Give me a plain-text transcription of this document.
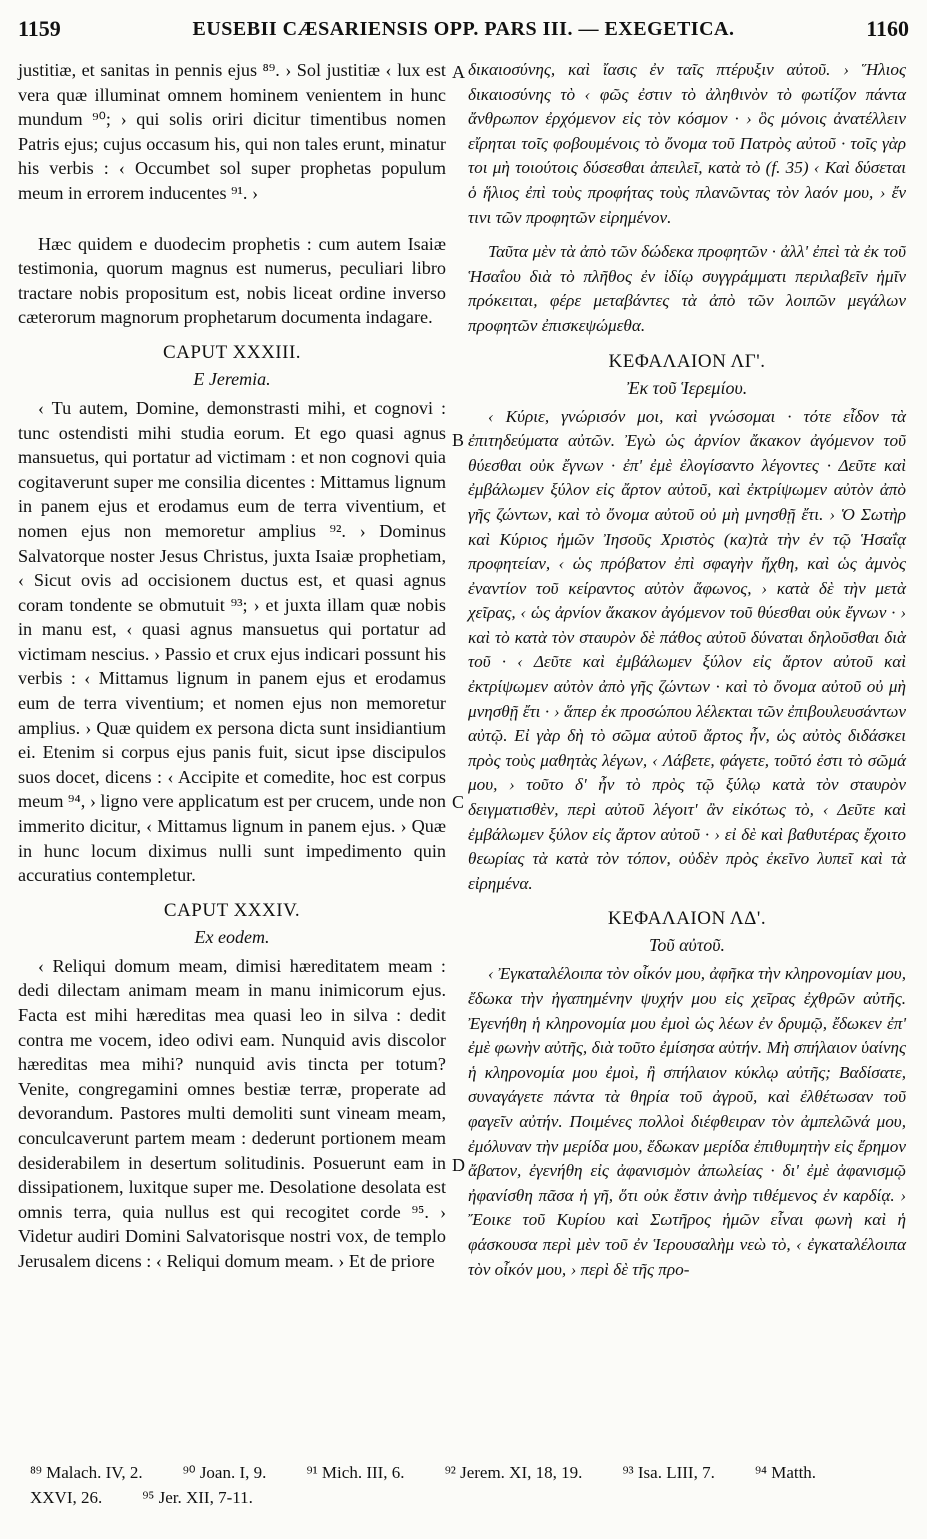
1159	EUSEBII CÆSARIENSIS OPP. PARS III. — EXEGETICA.	1160
A
B
C
D

justitiæ, et sanitas in pennis ejus ⁸⁹. › Sol justitiæ ‹ lux est vera quæ illuminat omnem hominem venientem in hunc mundum ⁹⁰; › qui solis oriri dicitur timentibus nomen Patris ejus; cujus occasum his, qui non tales erunt, minatur his verbis : ‹ Occumbet sol super prophetas populum meum in errorem inducentes ⁹¹. ›

Hæc quidem e duodecim prophetis : cum autem Isaiæ testimonia, quorum magnus est numerus, peculiari libro tractare nobis propositum est, nobis liceat ordine inverso cæterorum magnorum prophetarum documenta indagare.

CAPUT XXXIII.
E Jeremia.

‹ Tu autem, Domine, demonstrasti mihi, et cognovi : tunc ostendisti mihi studia eorum. Et ego quasi agnus mansuetus, qui portatur ad victimam : et non cognovi quia cogitaverunt super me consilia dicentes : Mittamus lignum in panem ejus et erodamus eum de terra viventium, et nomen ejus non memoretur amplius ⁹². › Dominus Salvatorque noster Jesus Christus, juxta Isaiæ prophetiam, ‹ Sicut ovis ad occisionem ductus est, et quasi agnus coram tondente se obmutuit ⁹³; › et juxta illam quæ nobis in manu est, ‹ quasi agnus mansuetus qui portatur ad victimam nescius. › Passio et crux ejus indicari possunt his verbis : ‹ Mittamus lignum in panem ejus et erodamus eum de terra viventium; et nomen ejus non memoretur amplius. › Quæ quidem ex persona dicta sunt insidiantium ei. Etenim si corpus ejus panis fuit, sicut ipse discipulos suos docet, dicens : ‹ Accipite et comedite, hoc est corpus meum ⁹⁴, › ligno vere applicatum est per crucem, unde non immerito dicitur, ‹ Mittamus lignum in panem ejus. › Quæ in hunc locum diximus nulli sunt impedimento quin accuratius contempletur.

CAPUT XXXIV.
Ex eodem.

‹ Reliqui domum meam, dimisi hæreditatem meam : dedi dilectam animam meam in manu inimicorum ejus. Facta est mihi hæreditas mea quasi leo in silva : dedit contra me vocem, ideo odivi eam. Nunquid avis discolor hæreditas mea mihi? nunquid avis tincta per totum? Venite, congregamini omnes bestiæ terræ, properate ad devorandum. Pastores multi demoliti sunt vineam meam, conculcaverunt partem meam : dederunt portionem meam desiderabilem in desertum solitudinis. Posuerunt eam in dissipationem, luxitque super me. Desolatione desolata est omnis terra, quia nullus est qui recogitet corde ⁹⁵. › Videtur audiri Domini Salvatorisque nostri vox, de templo Jerusalem dicens : ‹ Reliqui domum meam. › Et de priore

δικαιοσύνης, καὶ ἴασις ἐν ταῖς πτέρυξιν αὐτοῦ. › Ἥλιος δικαιοσύνης τὸ ‹ φῶς ἐστιν τὸ ἀληθινὸν τὸ φωτίζον πάντα ἄνθρωπον ἐρχόμενον εἰς τὸν κόσμον · › ὃς μόνοις ἀνατέλλειν εἴρηται τοῖς φοβουμένοις τὸ ὄνομα τοῦ Πατρὸς αὐτοῦ · τοῖς γὰρ τοι μὴ τοιούτοις δύσεσθαι ἀπειλεῖ, κατὰ τὸ (f. 35) ‹ Καὶ δύσεται ὁ ἥλιος ἐπὶ τοὺς προφήτας τοὺς πλανῶντας τὸν λαόν μου, › ἔν τινι τῶν προφητῶν εἰρημένον.

Ταῦτα μὲν τὰ ἀπὸ τῶν δώδεκα προφητῶν · ἀλλ' ἐπεὶ τὰ ἐκ τοῦ Ἡσαΐου διὰ τὸ πλῆθος ἐν ἰδίῳ συγγράμματι περιλαβεῖν ἡμῖν πρόκειται, φέρε μεταβάντες τὰ ἀπὸ τῶν λοιπῶν μεγάλων προφητῶν ἐπισκεψώμεθα.

ΚΕΦΑΛΑΙΟΝ ΛΓ'.
Ἐκ τοῦ Ἱερεμίου.

‹ Κύριε, γνώρισόν μοι, καὶ γνώσομαι · τότε εἶδον τὰ ἐπιτηδεύματα αὐτῶν. Ἐγὼ ὡς ἀρνίον ἄκακον ἀγόμενον τοῦ θύεσθαι οὐκ ἔγνων · ἐπ' ἐμὲ ἐλογίσαντο λέγοντες · Δεῦτε καὶ ἐμβάλωμεν ξύλον εἰς ἄρτον αὐτοῦ, καὶ ἐκτρίψωμεν αὐτὸν ἀπὸ γῆς ζώντων, καὶ τὸ ὄνομα αὐτοῦ οὐ μὴ μνησθῇ ἔτι. › Ὁ Σωτὴρ καὶ Κύριος ἡμῶν Ἰησοῦς Χριστὸς (κα)τὰ τὴν ἐν τῷ Ἡσαΐᾳ προφητείαν, ‹ ὡς πρόβατον ἐπὶ σφαγὴν ἤχθη, καὶ ὡς ἀμνὸς ἐναντίον τοῦ κείραντος αὐτὸν ἄφωνος, › κατὰ δὲ τὴν μετὰ χεῖρας, ‹ ὡς ἀρνίον ἄκακον ἀγόμενον τοῦ θύεσθαι οὐκ ἔγνων · › καὶ τὸ κατὰ τὸν σταυρὸν δὲ πάθος αὐτοῦ δύναται δηλοῦσθαι διὰ τοῦ · ‹ Δεῦτε καὶ ἐμβάλωμεν ξύλον εἰς ἄρτον αὐτοῦ καὶ ἐκτρίψωμεν αὐτὸν ἀπὸ γῆς ζώντων · καὶ τὸ ὄνομα αὐτοῦ οὐ μὴ μνησθῇ ἔτι · › ἅπερ ἐκ προσώπου λέλεκται τῶν ἐπιβουλευσάντων αὐτῷ. Εἰ γὰρ δὴ τὸ σῶμα αὐτοῦ ἄρτος ἦν, ὡς αὐτὸς διδάσκει πρὸς τοὺς μαθητὰς λέγων, ‹ Λάβετε, φάγετε, τοῦτό ἐστι τὸ σῶμά μου, › τοῦτο δ' ἦν τὸ πρὸς τῷ ξύλῳ κατὰ τὸν σταυρὸν δειγματισθὲν, περὶ αὐτοῦ λέγοιτ' ἂν εἰκότως τὸ, ‹ Δεῦτε καὶ ἐμβάλωμεν ξύλον εἰς ἄρτον αὐτοῦ · › εἰ δὲ καὶ βαθυτέρας ἔχοιτο θεωρίας τὰ κατὰ τὸν τόπον, οὐδὲν πρὸς ἐκεῖνο λυπεῖ καὶ τὰ εἰρημένα.

ΚΕΦΑΛΑΙΟΝ ΛΔ'.
Τοῦ αὐτοῦ.

‹ Ἐγκαταλέλοιπα τὸν οἶκόν μου, ἀφῆκα τὴν κληρονομίαν μου, ἔδωκα τὴν ἠγαπημένην ψυχήν μου εἰς χεῖρας ἐχθρῶν αὐτῆς. Ἐγενήθη ἡ κληρονομία μου ἐμοὶ ὡς λέων ἐν δρυμῷ, ἔδωκεν ἐπ' ἐμὲ φωνὴν αὐτῆς, διὰ τοῦτο ἐμίσησα αὐτήν. Μὴ σπήλαιον ὑαίνης ἡ κληρονομία μου ἐμοὶ, ἢ σπήλαιον κύκλῳ αὐτῆς; Βαδίσατε, συναγάγετε πάντα τὰ θηρία τοῦ ἀγροῦ, καὶ ἐλθέτωσαν τοῦ φαγεῖν αὐτήν. Ποιμένες πολλοὶ διέφθειραν τὸν ἀμπελῶνά μου, ἐμόλυναν τὴν μερίδα μου, ἔδωκαν μερίδα ἐπιθυμητὴν εἰς ἔρημον ἄβατον, ἐγενήθη εἰς ἀφανισμὸν ἀπωλείας · δι' ἐμὲ ἀφανισμῷ ἠφανίσθη πᾶσα ἡ γῆ, ὅτι οὐκ ἔστιν ἀνὴρ τιθέμενος ἐν καρδίᾳ. › Ἔοικε τοῦ Κυρίου καὶ Σωτῆρος ἡμῶν εἶναι φωνὴ καὶ ἡ φάσκουσα περὶ μὲν τοῦ ἐν Ἱερουσαλὴμ νεὼ τὸ, ‹ ἐγκαταλέλοιπα τὸν οἶκόν μου, › περὶ δὲ τῆς προ-

⁸⁹ Malach. IV, 2. ⁹⁰ Joan. I, 9. ⁹¹ Mich. III, 6. ⁹² Jerem. XI, 18, 19. ⁹³ Isa. LIII, 7. ⁹⁴ Matth.
XXVI, 26. ⁹⁵ Jer. XII, 7-11.
